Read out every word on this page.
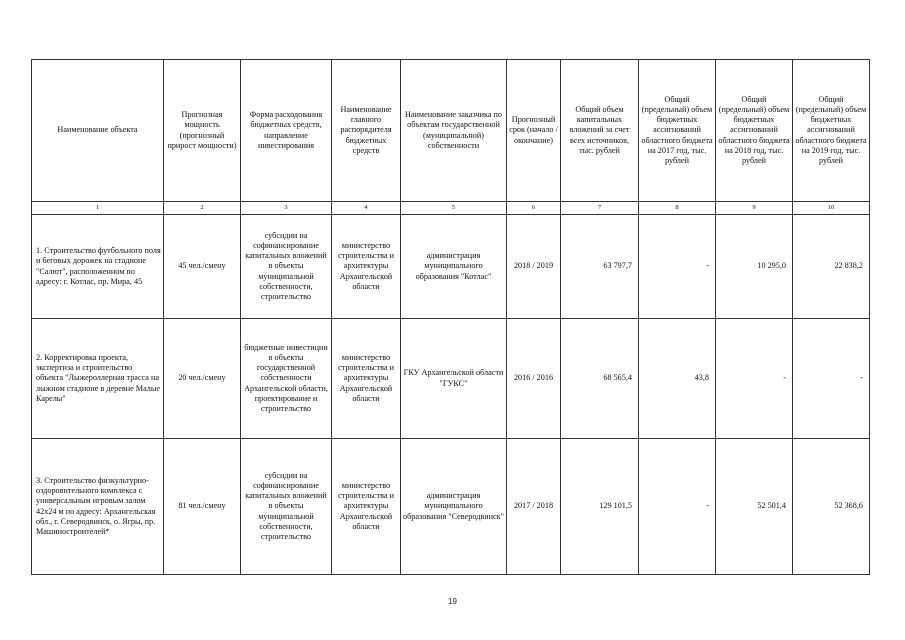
Наименование объекта	Прогнозная мощность (прогнозный прирост мощности)	Форма расходования бюджетных средств, направление инвестирования	Наименование главного распорядителя бюджетных средств	Наименование заказчика по объектам государственной (муниципальной) собственности	Прогнозный срок (начало / окончание)	Общий объем капитальных вложений за счет всех источников, тыс. рублей	Общий (предельный) объем бюджетных ассигнований областного бюджета на 2017 год, тыс. рублей	Общий (предельный) объем бюджетных ассигнований областного бюджета на 2018 год, тыс. рублей	Общий (предельный) объем бюджетных ассигнований областного бюджета на 2019 год, тыс. рублей
1	2	3	4	5	6	7	8	9	10
1. Строительство футбольного поля и беговых дорожек на стадионе "Салют", расположенном по адресу: г. Котлас, пр. Мира, 45	45 чел./смену	субсидии на софинансирование капитальных вложений в объекты муниципальной собственности, строительство	министерство строительства и архитектуры Архангельской области	администрация муниципального образования "Котлас"	2018 / 2019	63 797,7	-	10 295,0	22 838,2
2. Корректировка проекта, экспертиза и строительство объекта "Лыжероллерная трасса на лыжном стадионе в деревне Малые Карелы"	20 чел./смену	бюджетные инвестиции в объекты государственной собственности Архангельской области, проектирование и строительство	министерство строительства и архитектуры Архангельской области	ГКУ Архангельской области "ГУКС"	2016 / 2016	68 565,4	43,8	-	-
3. Строительство физкультурно-оздоровительного комплекса с универсальным игровым залом 42х24 м по адресу: Архангельская обл., г. Северодвинск, о. Ягры, пр. Машиностроителей*	81 чел./смену	субсидии на софинансирование капитальных вложений в объекты муниципальной собственности, строительство	министерство строительства и архитектуры Архангельской области	администрация муниципального образования "Северодвинск"	2017 / 2018	129 101,5	-	52 501,4	52 368,6
19
